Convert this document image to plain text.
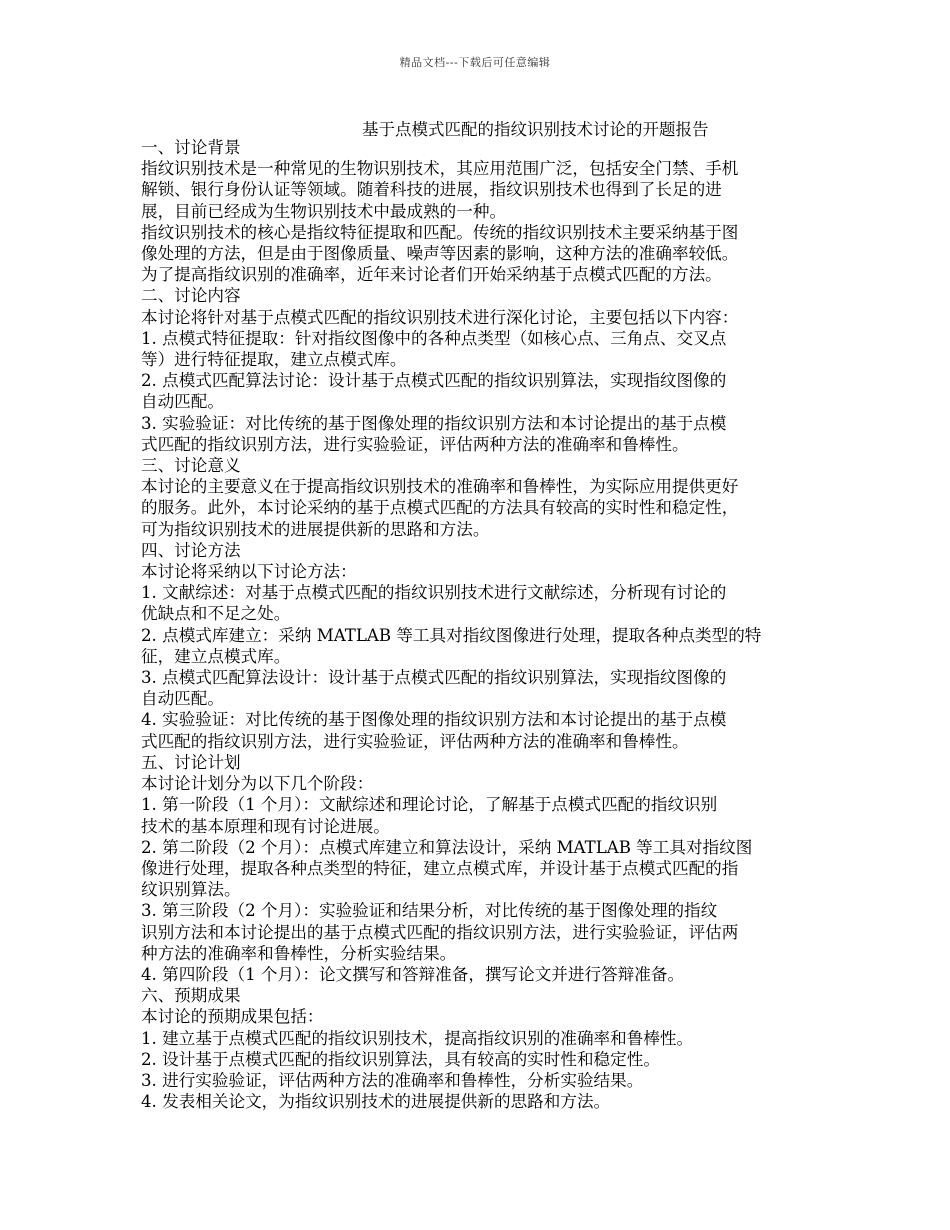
精品文档---下载后可任意编辑
基于点模式匹配的指纹识别技术讨论的开题报告

一、讨论背景

指纹识别技术是一种常见的生物识别技术，其应用范围广泛，包括安全门禁、手机

解锁、银行身份认证等领域。随着科技的进展，指纹识别技术也得到了长足的进

展，目前已经成为生物识别技术中最成熟的一种。

指纹识别技术的核心是指纹特征提取和匹配。传统的指纹识别技术主要采纳基于图

像处理的方法，但是由于图像质量、噪声等因素的影响，这种方法的准确率较低。

为了提高指纹识别的准确率，近年来讨论者们开始采纳基于点模式匹配的方法。

二、讨论内容

本讨论将针对基于点模式匹配的指纹识别技术进行深化讨论，主要包括以下内容：

1. 点模式特征提取：针对指纹图像中的各种点类型（如核心点、三角点、交叉点

等）进行特征提取，建立点模式库。

2. 点模式匹配算法讨论：设计基于点模式匹配的指纹识别算法，实现指纹图像的

自动匹配。

3. 实验验证：对比传统的基于图像处理的指纹识别方法和本讨论提出的基于点模

式匹配的指纹识别方法，进行实验验证，评估两种方法的准确率和鲁棒性。

三、讨论意义

本讨论的主要意义在于提高指纹识别技术的准确率和鲁棒性，为实际应用提供更好

的服务。此外，本讨论采纳的基于点模式匹配的方法具有较高的实时性和稳定性，

可为指纹识别技术的进展提供新的思路和方法。

四、讨论方法

本讨论将采纳以下讨论方法：

1. 文献综述：对基于点模式匹配的指纹识别技术进行文献综述，分析现有讨论的

优缺点和不足之处。

2. 点模式库建立：采纳 MATLAB 等工具对指纹图像进行处理，提取各种点类型的特

征，建立点模式库。

3. 点模式匹配算法设计：设计基于点模式匹配的指纹识别算法，实现指纹图像的

自动匹配。

4. 实验验证：对比传统的基于图像处理的指纹识别方法和本讨论提出的基于点模

式匹配的指纹识别方法，进行实验验证，评估两种方法的准确率和鲁棒性。

五、讨论计划

本讨论计划分为以下几个阶段：

1. 第一阶段（1 个月）：文献综述和理论讨论，了解基于点模式匹配的指纹识别

技术的基本原理和现有讨论进展。

2. 第二阶段（2 个月）：点模式库建立和算法设计，采纳 MATLAB 等工具对指纹图

像进行处理，提取各种点类型的特征，建立点模式库，并设计基于点模式匹配的指

纹识别算法。

3. 第三阶段（2 个月）：实验验证和结果分析，对比传统的基于图像处理的指纹

识别方法和本讨论提出的基于点模式匹配的指纹识别方法，进行实验验证，评估两

种方法的准确率和鲁棒性，分析实验结果。

4. 第四阶段（1 个月）：论文撰写和答辩准备，撰写论文并进行答辩准备。

六、预期成果

本讨论的预期成果包括：

1. 建立基于点模式匹配的指纹识别技术，提高指纹识别的准确率和鲁棒性。

2. 设计基于点模式匹配的指纹识别算法，具有较高的实时性和稳定性。

3. 进行实验验证，评估两种方法的准确率和鲁棒性，分析实验结果。

4. 发表相关论文，为指纹识别技术的进展提供新的思路和方法。
